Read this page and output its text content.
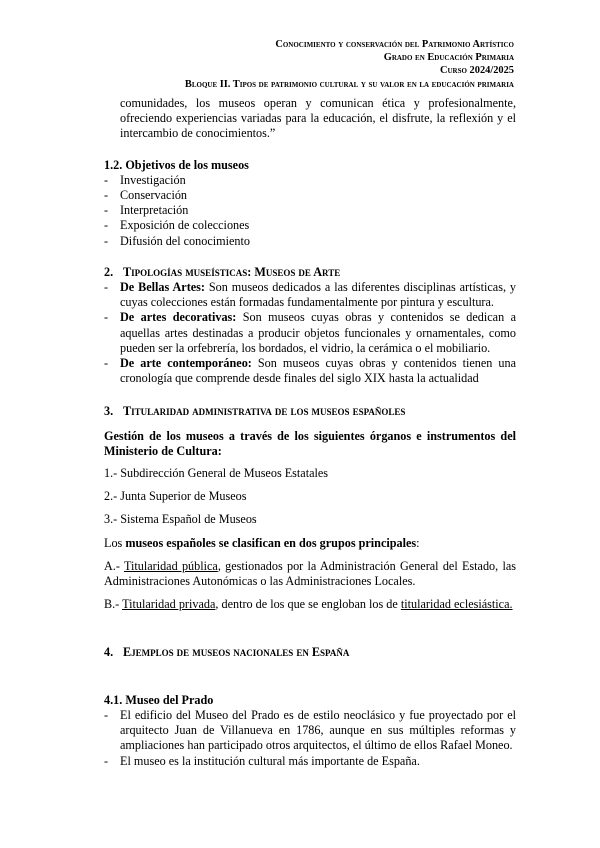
Conocimiento y conservación del Patrimonio Artístico
Grado en Educación Primaria
Curso 2024/2025
Bloque II. Tipos de patrimonio cultural y su valor en la educación primaria

comunidades, los museos operan y comunican ética y profesionalmente, ofreciendo experiencias variadas para la educación, el disfrute, la reflexión y el intercambio de conocimientos.”

1.2. Objetivos de los museos

- Investigación
- Conservación
- Interpretación
- Exposición de colecciones
- Difusión del conocimiento

2. Tipologías museísticas: Museos de Arte

- De Bellas Artes: Son museos dedicados a las diferentes disciplinas artísticas, y cuyas colecciones están formadas fundamentalmente por pintura y escultura.
- De artes decorativas: Son museos cuyas obras y contenidos se dedican a aquellas artes destinadas a producir objetos funcionales y ornamentales, como pueden ser la orfebrería, los bordados, el vidrio, la cerámica o el mobiliario.
- De arte contemporáneo: Son museos cuyas obras y contenidos tienen una cronología que comprende desde finales del siglo XIX hasta la actualidad

3. Titularidad administrativa de los museos españoles

Gestión de los museos a través de los siguientes órganos e instrumentos del Ministerio de Cultura:

1.- Subdirección General de Museos Estatales

2.- Junta Superior de Museos

3.- Sistema Español de Museos

Los museos españoles se clasifican en dos grupos principales:

A.- Titularidad pública, gestionados por la Administración General del Estado, las Administraciones Autonómicas o las Administraciones Locales.

B.- Titularidad privada, dentro de los que se engloban los de titularidad eclesiástica.

4. Ejemplos de museos nacionales en España

4.1. Museo del Prado

- El edificio del Museo del Prado es de estilo neoclásico y fue proyectado por el arquitecto Juan de Villanueva en 1786, aunque en sus múltiples reformas y ampliaciones han participado otros arquitectos, el último de ellos Rafael Moneo.
- El museo es la institución cultural más importante de España.
